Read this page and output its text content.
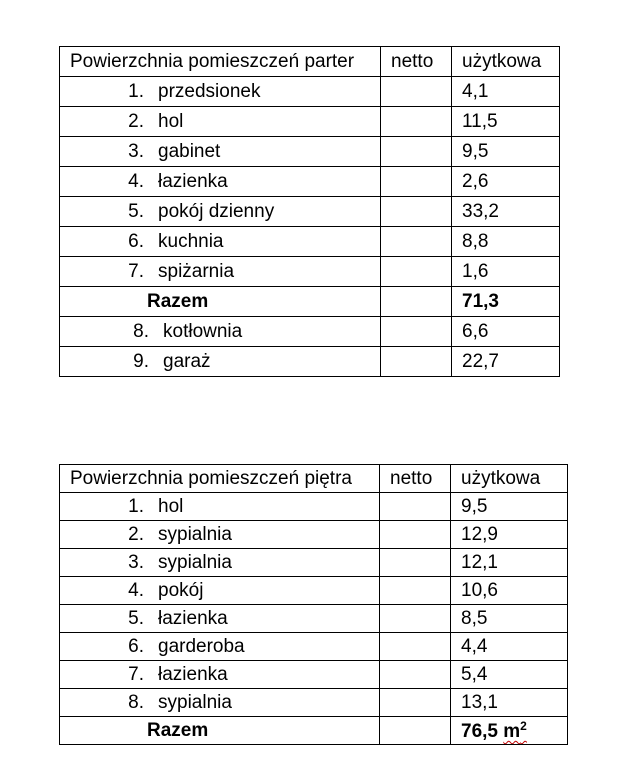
Powierzchnia pomieszczeń parter	netto	użytkowa
1. przedsionek		4,1
2. hol		11,5
3. gabinet		9,5
4. łazienka		2,6
5. pokój dzienny		33,2
6. kuchnia		8,8
7. spiżarnia		1,6
Razem		71,3
8. kotłownia		6,6
9. garaż		22,7
Powierzchnia pomieszczeń piętra	netto	użytkowa
1. hol		9,5
2. sypialnia		12,9
3. sypialnia		12,1
4. pokój		10,6
5. łazienka		8,5
6. garderoba		4,4
7. łazienka		5,4
8. sypialnia		13,1
Razem		76,5 $m^2$
